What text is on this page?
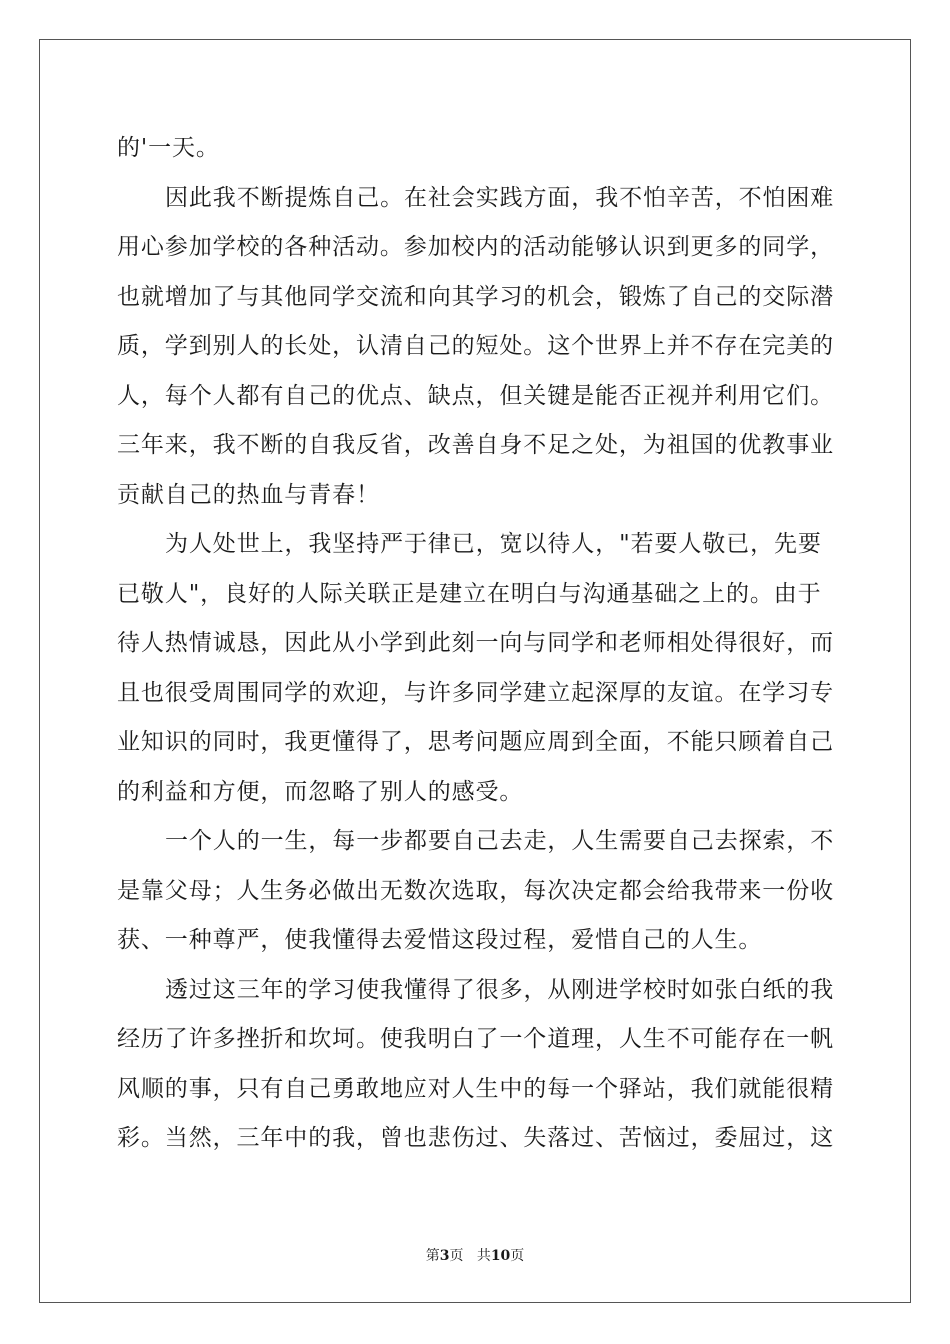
的'一天。
因此我不断提炼自己。在社会实践方面，我不怕辛苦，不怕困难
用心参加学校的各种活动。参加校内的活动能够认识到更多的同学，
也就增加了与其他同学交流和向其学习的机会，锻炼了自己的交际潜
质，学到别人的长处，认清自己的短处。这个世界上并不存在完美的
人，每个人都有自己的优点、缺点，但关键是能否正视并利用它们。
三年来，我不断的自我反省，改善自身不足之处，为祖国的优教事业
贡献自己的热血与青春！
为人处世上，我坚持严于律已，宽以待人，"若要人敬已，先要
已敬人"，良好的人际关联正是建立在明白与沟通基础之上的。由于
待人热情诚恳，因此从小学到此刻一向与同学和老师相处得很好，而
且也很受周围同学的欢迎，与许多同学建立起深厚的友谊。在学习专
业知识的同时，我更懂得了，思考问题应周到全面，不能只顾着自己
的利益和方便，而忽略了别人的感受。
一个人的一生，每一步都要自己去走，人生需要自己去探索，不
是靠父母；人生务必做出无数次选取，每次决定都会给我带来一份收
获、一种尊严，使我懂得去爱惜这段过程，爱惜自己的人生。
透过这三年的学习使我懂得了很多，从刚进学校时如张白纸的我
经历了许多挫折和坎坷。使我明白了一个道理，人生不可能存在一帆
风顺的事，只有自己勇敢地应对人生中的每一个驿站，我们就能很精
彩。当然，三年中的我，曾也悲伤过、失落过、苦恼过，委屈过，这
第3页 共10页
